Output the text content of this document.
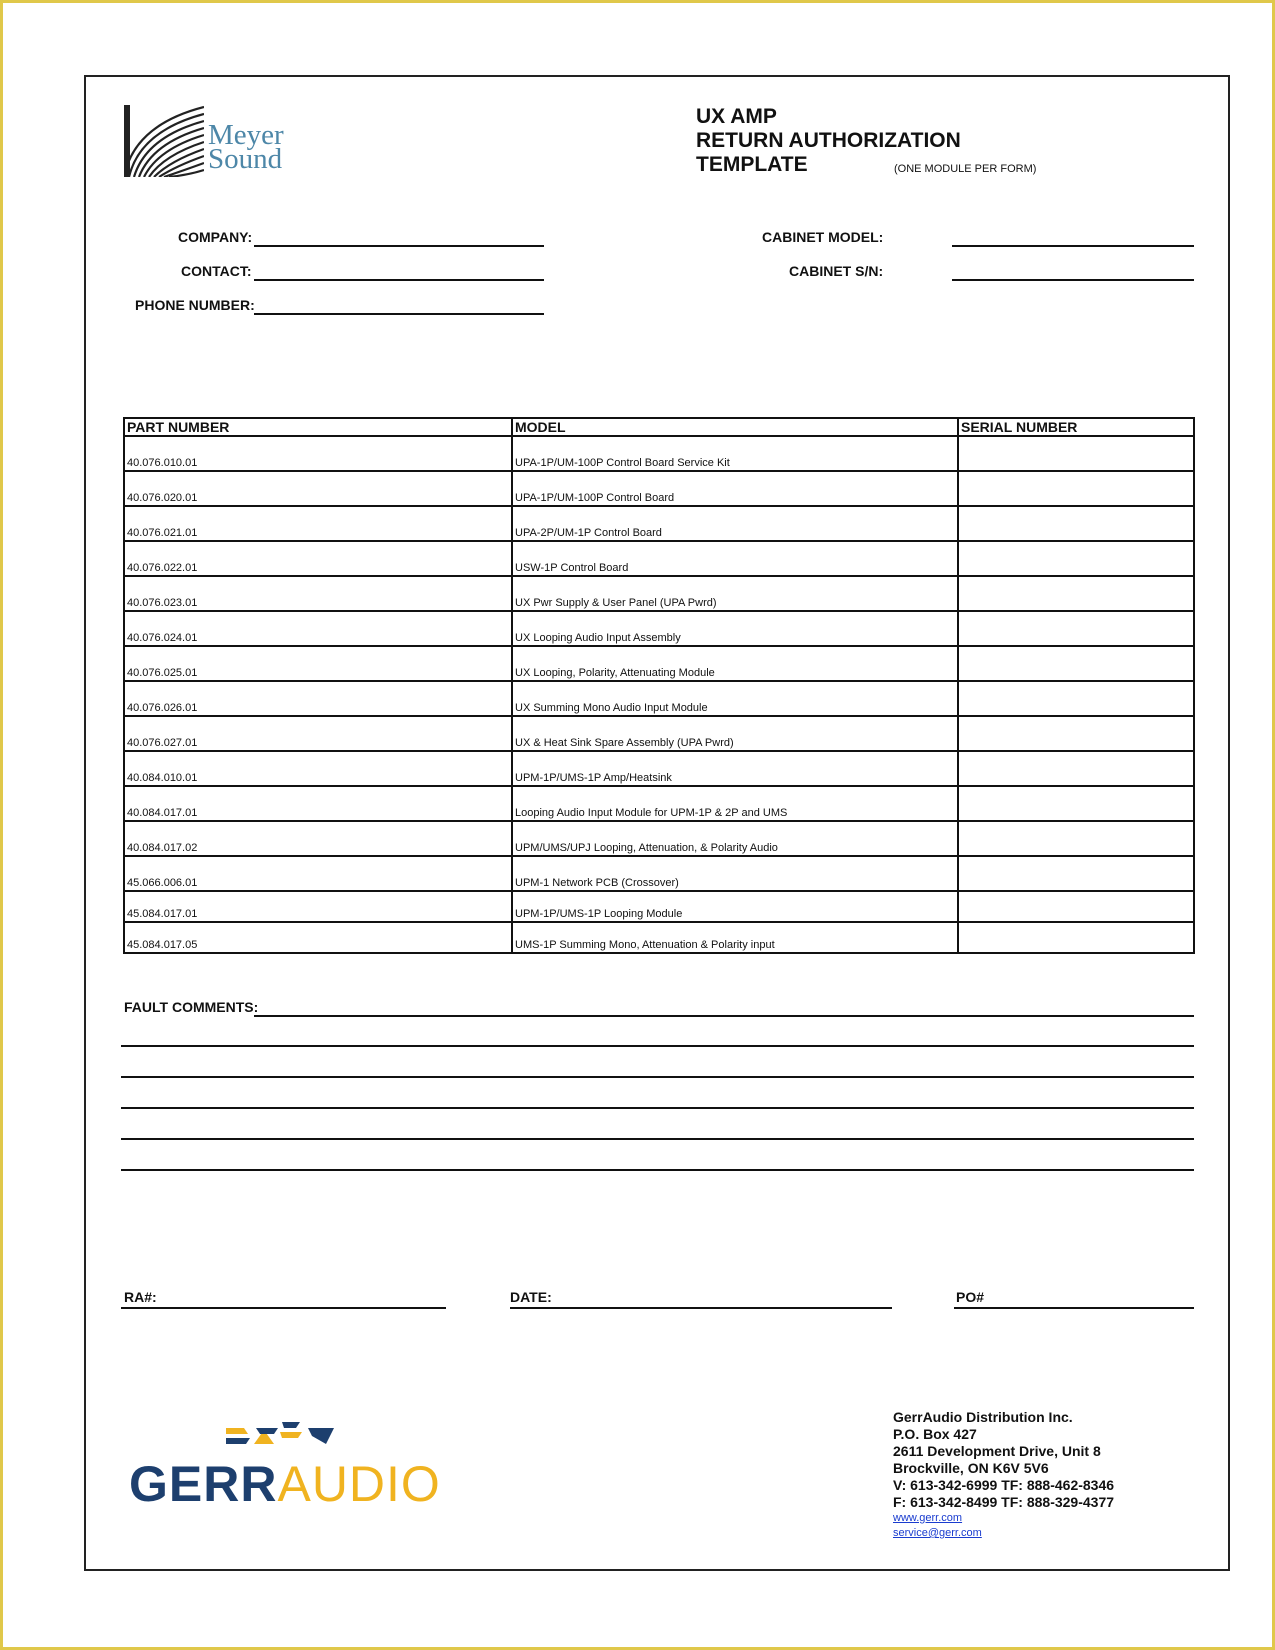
Meyer
Sound
UX AMP
RETURN AUTHORIZATION
TEMPLATE	(ONE MODULE PER FORM)
COMPANY:
CONTACT:
PHONE NUMBER:
CABINET MODEL:
CABINET S/N:
PART NUMBER	MODEL	SERIAL NUMBER
40.076.010.01	UPA-1P/UM-100P Control Board Service Kit	
40.076.020.01	UPA-1P/UM-100P Control Board	
40.076.021.01	UPA-2P/UM-1P Control Board	
40.076.022.01	USW-1P Control Board	
40.076.023.01	UX Pwr Supply & User Panel (UPA Pwrd)	
40.076.024.01	UX Looping Audio Input Assembly	
40.076.025.01	UX Looping, Polarity, Attenuating Module	
40.076.026.01	UX Summing Mono Audio Input Module	
40.076.027.01	UX & Heat Sink Spare Assembly (UPA Pwrd)	
40.084.010.01	UPM-1P/UMS-1P Amp/Heatsink	
40.084.017.01	Looping Audio Input Module for UPM-1P & 2P and UMS	
40.084.017.02	UPM/UMS/UPJ Looping, Attenuation, & Polarity Audio	
45.066.006.01	UPM-1 Network PCB (Crossover)	
45.084.017.01	UPM-1P/UMS-1P Looping Module	
45.084.017.05	UMS-1P Summing Mono, Attenuation & Polarity input	
FAULT COMMENTS:
RA#:	DATE:	PO#
GERRAUDIO
GerrAudio Distribution Inc.
P.O. Box 427
2611 Development Drive, Unit 8
Brockville, ON K6V 5V6
V: 613-342-6999 TF: 888-462-8346
F: 613-342-8499 TF: 888-329-4377
www.gerr.com
service@gerr.com
